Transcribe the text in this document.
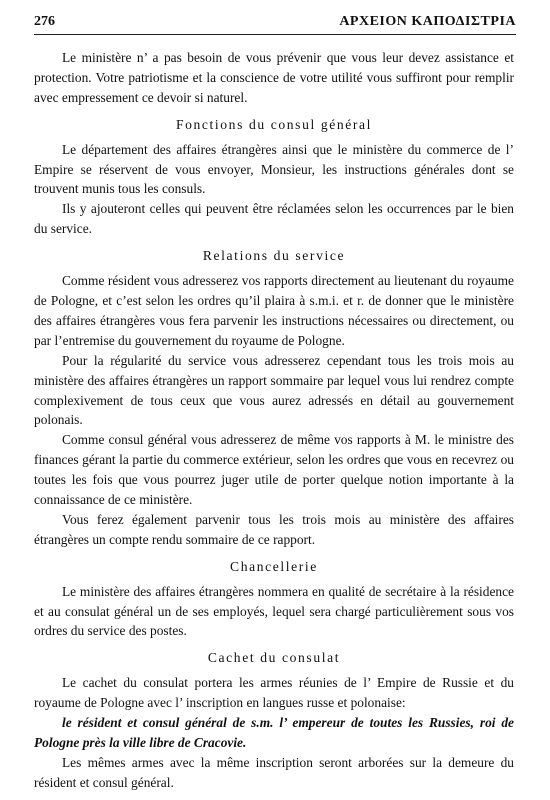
276	ΑΡΧΕΙΟΝ ΚΑΠΟΔΙΣΤΡΙΑ

Le ministère n’ a pas besoin de vous prévenir que vous leur devez assistance et protection. Votre patriotisme et la conscience de votre utilité vous suffiront pour remplir avec empressement ce devoir si naturel.

Fonctions du consul général

Le département des affaires étrangères ainsi que le ministère du commerce de l’ Empire se réservent de vous envoyer, Monsieur, les instructions générales dont se trouvent munis tous les consuls.

Ils y ajouteront celles qui peuvent être réclamées selon les occurrences par le bien du service.

Relations du service

Comme résident vous adresserez vos rapports directement au lieutenant du royaume de Pologne, et c’est selon les ordres qu’il plaira à s.m.i. et r. de donner que le ministère des affaires étrangères vous fera parvenir les instructions nécessaires ou directement, ou par l’entremise du gouvernement du royaume de Pologne.

Pour la régularité du service vous adresserez cependant tous les trois mois au ministère des affaires étrangères un rapport sommaire par lequel vous lui rendrez compte complexivement de tous ceux que vous aurez adressés en détail au gouvernement polonais.

Comme consul général vous adresserez de même vos rapports à M. le ministre des finances gérant la partie du commerce extérieur, selon les ordres que vous en recevrez ou toutes les fois que vous pourrez juger utile de porter quelque notion importante à la connaissance de ce ministère.

Vous ferez également parvenir tous les trois mois au ministère des affaires étrangères un compte rendu sommaire de ce rapport.

Chancellerie

Le ministère des affaires étrangères nommera en qualité de secrétaire à la résidence et au consulat général un de ses employés, lequel sera chargé particulièrement sous vos ordres du service des postes.

Cachet du consulat

Le cachet du consulat portera les armes réunies de l’ Empire de Russie et du royaume de Pologne avec l’ inscription en langues russe et polonaise:

le résident et consul général de s.m. l’ empereur de toutes les Russies, roi de Pologne près la ville libre de Cracovie.

Les mêmes armes avec la même inscription seront arborées sur la demeure du résident et consul général.
